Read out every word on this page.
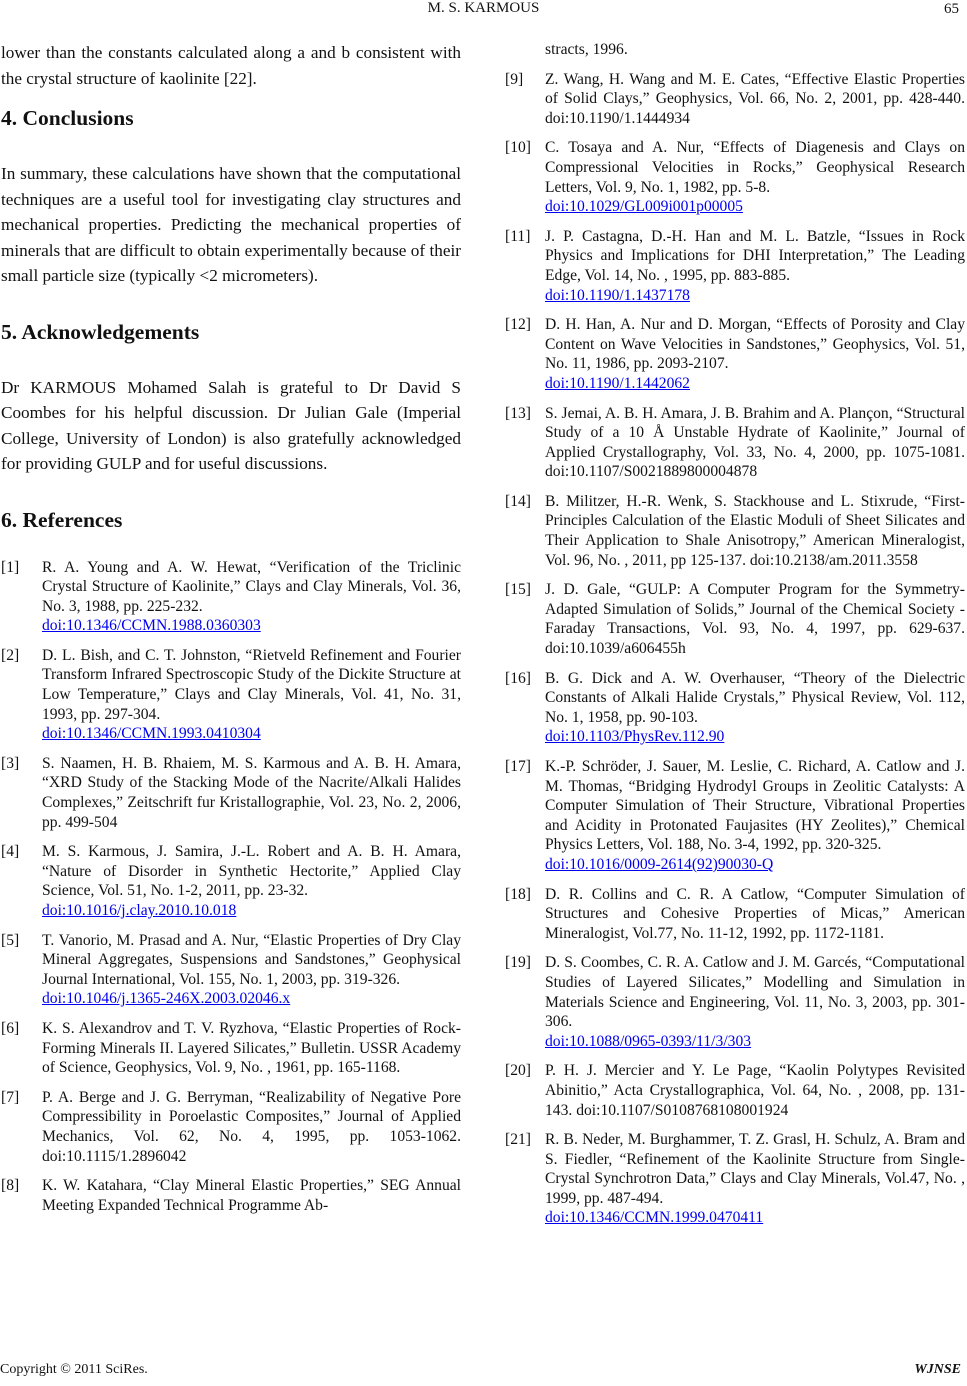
M. S. KARMOUS	65

lower than the constants calculated along a and b consistent with the crystal structure of kaolinite [22].

4. Conclusions

In summary, these calculations have shown that the computational techniques are a useful tool for investigating clay structures and mechanical properties. Predicting the mechanical properties of minerals that are difficult to obtain experimentally because of their small particle size (typically <2 micrometers).

5. Acknowledgements

Dr KARMOUS Mohamed Salah is grateful to Dr David S Coombes for his helpful discussion. Dr Julian Gale (Imperial College, University of London) is also gratefully acknowledged for providing GULP and for useful discussions.

6. References
[1]	R. A. Young and A. W. Hewat, “Verification of the Triclinic Crystal Structure of Kaolinite,” Clays and Clay Minerals, Vol. 36, No. 3, 1988, pp. 225-232.
doi:10.1346/CCMN.1988.0360303
[2]	D. L. Bish, and C. T. Johnston, “Rietveld Refinement and Fourier Transform Infrared Spectroscopic Study of the Dickite Structure at Low Temperature,” Clays and Clay Minerals, Vol. 41, No. 31, 1993, pp. 297-304.
doi:10.1346/CCMN.1993.0410304
[3]	S. Naamen, H. B. Rhaiem, M. S. Karmous and A. B. H. Amara, “XRD Study of the Stacking Mode of the Nacrite/Alkali Halides Complexes,” Zeitschrift fur Kristallographie, Vol. 23, No. 2, 2006, pp. 499-504
[4]	M. S. Karmous, J. Samira, J.-L. Robert and A. B. H. Amara, “Nature of Disorder in Synthetic Hectorite,” Applied Clay Science, Vol. 51, No. 1-2, 2011, pp. 23-32.
doi:10.1016/j.clay.2010.10.018
[5]	T. Vanorio, M. Prasad and A. Nur, “Elastic Properties of Dry Clay Mineral Aggregates, Suspensions and Sandstones,” Geophysical Journal International, Vol. 155, No. 1, 2003, pp. 319-326.
doi:10.1046/j.1365-246X.2003.02046.x
[6]	K. S. Alexandrov and T. V. Ryzhova, “Elastic Properties of Rock-Forming Minerals II. Layered Silicates,” Bulletin. USSR Academy of Science, Geophysics, Vol. 9, No. , 1961, pp. 165-1168.
[7]	P. A. Berge and J. G. Berryman, “Realizability of Negative Pore Compressibility in Poroelastic Composites,” Journal of Applied Mechanics, Vol. 62, No. 4, 1995, pp. 1053-1062. doi:10.1115/1.2896042
[8]	K. W. Katahara, “Clay Mineral Elastic Properties,” SEG Annual Meeting Expanded Technical Programme Ab-
stracts, 1996.
[9]	Z. Wang, H. Wang and M. E. Cates, “Effective Elastic Properties of Solid Clays,” Geophysics, Vol. 66, No. 2, 2001, pp. 428-440. doi:10.1190/1.1444934
[10] C. Tosaya and A. Nur, “Effects of Diagenesis and Clays on Compressional Velocities in Rocks,” Geophysical Research Letters, Vol. 9, No. 1, 1982, pp. 5-8.
doi:10.1029/GL009i001p00005
[11] J. P. Castagna, D.-H. Han and M. L. Batzle, “Issues in Rock Physics and Implications for DHI Interpretation,” The Leading Edge, Vol. 14, No. , 1995, pp. 883-885.
doi:10.1190/1.1437178
[12] D. H. Han, A. Nur and D. Morgan, “Effects of Porosity and Clay Content on Wave Velocities in Sandstones,” Geophysics, Vol. 51, No. 11, 1986, pp. 2093-2107.
doi:10.1190/1.1442062
[13] S. Jemai, A. B. H. Amara, J. B. Brahim and A. Plançon, “Structural Study of a 10 Å Unstable Hydrate of Kaolinite,” Journal of Applied Crystallography, Vol. 33, No. 4, 2000, pp. 1075-1081. doi:10.1107/S0021889800004878
[14] B. Militzer, H.-R. Wenk, S. Stackhouse and L. Stixrude, “First-Principles Calculation of the Elastic Moduli of Sheet Silicates and Their Application to Shale Anisotropy,” American Mineralogist, Vol. 96, No. , 2011, pp 125-137. doi:10.2138/am.2011.3558
[15] J. D. Gale, “GULP: A Computer Program for the Symmetry-Adapted Simulation of Solids,” Journal of the Chemical Society - Faraday Transactions, Vol. 93, No. 4, 1997, pp. 629-637. doi:10.1039/a606455h
[16] B. G. Dick and A. W. Overhauser, “Theory of the Dielectric Constants of Alkali Halide Crystals,” Physical Review, Vol. 112, No. 1, 1958, pp. 90-103.
doi:10.1103/PhysRev.112.90
[17] K.-P. Schröder, J. Sauer, M. Leslie, C. Richard, A. Catlow and J. M. Thomas, “Bridging Hydrodyl Groups in Zeolitic Catalysts: A Computer Simulation of Their Structure, Vibrational Properties and Acidity in Protonated Faujasites (HY Zeolites),” Chemical Physics Letters, Vol. 188, No. 3-4, 1992, pp. 320-325.
doi:10.1016/0009-2614(92)90030-Q
[18] D. R. Collins and C. R. A Catlow, “Computer Simulation of Structures and Cohesive Properties of Micas,” American Mineralogist, Vol.77, No. 11-12, 1992, pp. 1172-1181.
[19] D. S. Coombes, C. R. A. Catlow and J. M. Garcés, “Computational Studies of Layered Silicates,” Modelling and Simulation in Materials Science and Engineering, Vol. 11, No. 3, 2003, pp. 301-306.
doi:10.1088/0965-0393/11/3/303
[20] P. H. J. Mercier and Y. Le Page, “Kaolin Polytypes Revisited Abinitio,” Acta Crystallographica, Vol. 64, No. , 2008, pp. 131-143. doi:10.1107/S0108768108001924
[21] R. B. Neder, M. Burghammer, T. Z. Grasl, H. Schulz, A. Bram and S. Fiedler, “Refinement of the Kaolinite Structure from Single-Crystal Synchrotron Data,” Clays and Clay Minerals, Vol.47, No. , 1999, pp. 487-494.
doi:10.1346/CCMN.1999.0470411
Copyright © 2011 SciRes.	WJNSE
